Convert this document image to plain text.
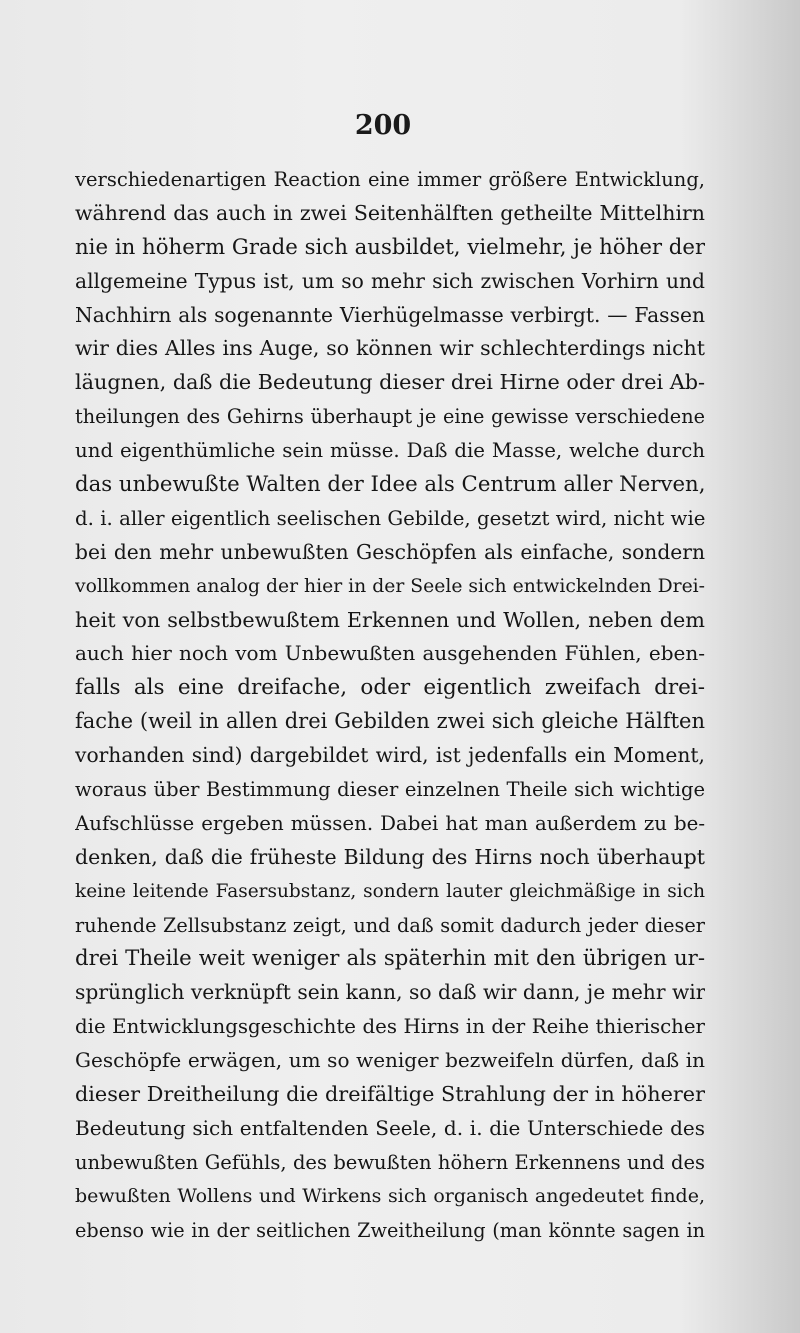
200
verschiedenartigen Reaction eine immer größere Entwicklung,
während das auch in zwei Seitenhälften getheilte Mittelhirn
nie in höherm Grade sich ausbildet, vielmehr, je höher der
allgemeine Typus ist, um so mehr sich zwischen Vorhirn und
Nachhirn als sogenannte Vierhügelmasse verbirgt. — Fassen
wir dies Alles ins Auge, so können wir schlechterdings nicht
läugnen, daß die Bedeutung dieser drei Hirne oder drei Ab-
theilungen des Gehirns überhaupt je eine gewisse verschiedene
und eigenthümliche sein müsse. Daß die Masse, welche durch
das unbewußte Walten der Idee als Centrum aller Nerven,
d. i. aller eigentlich seelischen Gebilde, gesetzt wird, nicht wie
bei den mehr unbewußten Geschöpfen als einfache, sondern
vollkommen analog der hier in der Seele sich entwickelnden Drei-
heit von selbstbewußtem Erkennen und Wollen, neben dem
auch hier noch vom Unbewußten ausgehenden Fühlen, eben-
falls als eine dreifache, oder eigentlich zweifach drei-
fache (weil in allen drei Gebilden zwei sich gleiche Hälften
vorhanden sind) dargebildet wird, ist jedenfalls ein Moment,
woraus über Bestimmung dieser einzelnen Theile sich wichtige
Aufschlüsse ergeben müssen. Dabei hat man außerdem zu be-
denken, daß die früheste Bildung des Hirns noch überhaupt
keine leitende Fasersubstanz, sondern lauter gleichmäßige in sich
ruhende Zellsubstanz zeigt, und daß somit dadurch jeder dieser
drei Theile weit weniger als späterhin mit den übrigen ur-
sprünglich verknüpft sein kann, so daß wir dann, je mehr wir
die Entwicklungsgeschichte des Hirns in der Reihe thierischer
Geschöpfe erwägen, um so weniger bezweifeln dürfen, daß in
dieser Dreitheilung die dreifältige Strahlung der in höherer
Bedeutung sich entfaltenden Seele, d. i. die Unterschiede des
unbewußten Gefühls, des bewußten höhern Erkennens und des
bewußten Wollens und Wirkens sich organisch angedeutet finde,
ebenso wie in der seitlichen Zweitheilung (man könnte sagen in
